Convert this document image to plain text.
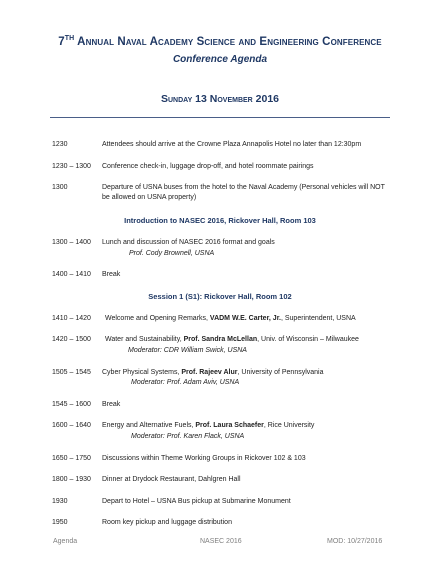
7TH Annual Naval Academy Science and Engineering Conference
Conference Agenda
Sunday 13 November 2016
1230	Attendees should arrive at the Crowne Plaza Annapolis Hotel no later than 12:30pm
1230 – 1300	Conference check-in, luggage drop-off, and hotel roommate pairings
1300	Departure of USNA buses from the hotel to the Naval Academy (Personal vehicles will NOT be allowed on USNA property)
Introduction to NASEC 2016, Rickover Hall, Room 103
1300 – 1400	Lunch and discussion of NASEC 2016 format and goals
Prof. Cody Brownell, USNA
1400 – 1410	Break
Session 1 (S1): Rickover Hall, Room 102
1410 – 1420	Welcome and Opening Remarks, VADM W.E. Carter, Jr., Superintendent, USNA
1420 – 1500	Water and Sustainability, Prof. Sandra McLellan, Univ. of Wisconsin – Milwaukee
Moderator: CDR William Swick, USNA
1505 – 1545	Cyber Physical Systems, Prof. Rajeev Alur, University of Pennsylvania
Moderator: Prof. Adam Aviv, USNA
1545 – 1600	Break
1600 – 1640	Energy and Alternative Fuels, Prof. Laura Schaefer, Rice University
Moderator: Prof. Karen Flack, USNA
1650 – 1750	Discussions within Theme Working Groups in Rickover 102 & 103
1800 – 1930	Dinner at Drydock Restaurant, Dahlgren Hall
1930	Depart to Hotel – USNA Bus pickup at Submarine Monument
1950	Room key pickup and luggage distribution
Agenda	NASEC 2016	MOD: 10/27/2016
